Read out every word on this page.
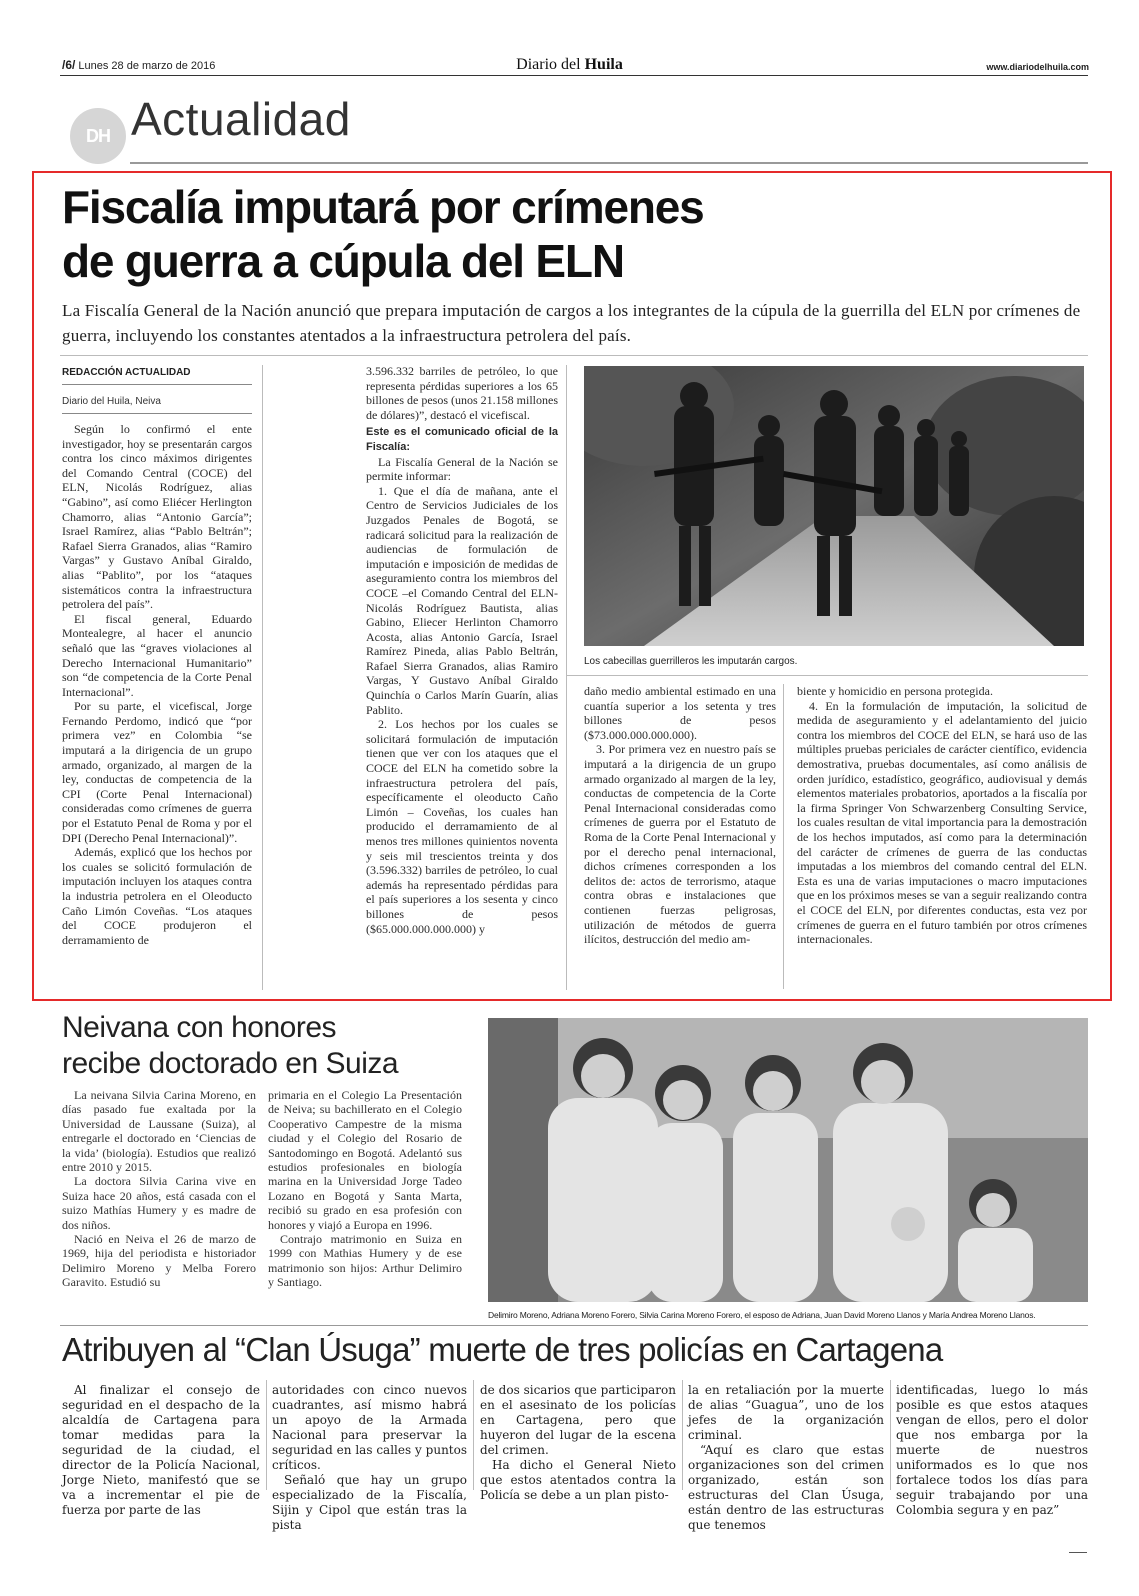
/6/ Lunes 28 de marzo de 2016	Diario del Huila	www.diariodelhuila.com
DH Actualidad
Fiscalía imputará por crímenes
de guerra a cúpula del ELN
La Fiscalía General de la Nación anunció que prepara imputación de cargos a los integrantes de la cúpula de la guerrilla del ELN por crímenes de guerra, incluyendo los constantes atentados a la infraestructura petrolera del país.
REDACCIÓN ACTUALIDAD
Diario del Huila, Neiva

Según lo confirmó el ente investigador, hoy se presentarán cargos contra los cinco máximos dirigentes del Comando Central (COCE) del ELN, Nicolás Rodríguez, alias “Gabino”, así como Eliécer Herlington Chamorro, alias “Antonio García”; Israel Ramírez, alias “Pablo Beltrán”; Rafael Sierra Granados, alias “Ramiro Vargas” y Gustavo Aníbal Giraldo, alias “Pablito”, por los “ataques sistemáticos contra la infraestructura petrolera del país”.

El fiscal general, Eduardo Montealegre, al hacer el anuncio señaló que las “graves violaciones al Derecho Internacional Humanitario” son “de competencia de la Corte Penal Internacional”.

Por su parte, el vicefiscal, Jorge Fernando Perdomo, indicó que “por primera vez” en Colombia “se imputará a la dirigencia de un grupo armado, organizado, al margen de la ley, conductas de competencia de la CPI (Corte Penal Internacional) consideradas como crímenes de guerra por el Estatuto Penal de Roma y por el DPI (Derecho Penal Internacional)”.

Además, explicó que los hechos por los cuales se solicitó formulación de imputación incluyen los ataques contra la industria petrolera en el Oleoducto Caño Limón Coveñas. “Los ataques del COCE produjeron el derramamiento de

3.596.332 barriles de petróleo, lo que representa pérdidas superiores a los 65 billones de pesos (unos 21.158 millones de dólares)”, destacó el vicefiscal.

Este es el comunicado oficial de la Fiscalía:

La Fiscalía General de la Nación se permite informar:

1. Que el día de mañana, ante el Centro de Servicios Judiciales de los Juzgados Penales de Bogotá, se radicará solicitud para la realización de audiencias de formulación de imputación e imposición de medidas de aseguramiento contra los miembros del COCE –el Comando Central del ELN-Nicolás Rodríguez Bautista, alias Gabino, Eliecer Herlinton Chamorro Acosta, alias Antonio García, Israel Ramírez Pineda, alias Pablo Beltrán, Rafael Sierra Granados, alias Ramiro Vargas, Y Gustavo Aníbal Giraldo Quinchía o Carlos Marín Guarín, alias Pablito.

2. Los hechos por los cuales se solicitará formulación de imputación tienen que ver con los ataques que el COCE del ELN ha cometido sobre la infraestructura petrolera del país, específicamente el oleoducto Caño Limón – Coveñas, los cuales han producido el derramamiento de al menos tres millones quinientos noventa y seis mil trescientos treinta y dos (3.596.332) barriles de petróleo, lo cual además ha representado pérdidas para el país superiores a los sesenta y cinco billones de pesos ($65.000.000.000.000) y

Los cabecillas guerrilleros les imputarán cargos.

daño medio ambiental estimado en una cuantía superior a los setenta y tres billones de pesos ($73.000.000.000.000).

3. Por primera vez en nuestro país se imputará a la dirigencia de un grupo armado organizado al margen de la ley, conductas de competencia de la Corte Penal Internacional consideradas como crímenes de guerra por el Estatuto de Roma de la Corte Penal Internacional y por el derecho penal internacional, dichos crímenes corresponden a los delitos de: actos de terrorismo, ataque contra obras e instalaciones que contienen fuerzas peligrosas, utilización de métodos de guerra ilícitos, destrucción del medio am-

biente y homicidio en persona protegida.

4. En la formulación de imputación, la solicitud de medida de aseguramiento y el adelantamiento del juicio contra los miembros del COCE del ELN, se hará uso de las múltiples pruebas periciales de carácter científico, evidencia demostrativa, pruebas documentales, así como análisis de orden jurídico, estadístico, geográfico, audiovisual y demás elementos materiales probatorios, aportados a la fiscalía por la firma Springer Von Schwarzenberg Consulting Service, los cuales resultan de vital importancia para la demostración de los hechos imputados, así como para la determinación del carácter de crímenes de guerra de las conductas imputadas a los miembros del comando central del ELN. Esta es una de varias imputaciones o macro imputaciones que en los próximos meses se van a seguir realizando contra el COCE del ELN, por diferentes conductas, esta vez por crímenes de guerra en el futuro también por otros crímenes internacionales.

Neivana con honores
recibe doctorado en Suiza

La neivana Silvia Carina Moreno, en días pasado fue exaltada por la Universidad de Laussane (Suiza), al entregarle el doctorado en ‘Ciencias de la vida’ (biología). Estudios que realizó entre 2010 y 2015.

La doctora Silvia Carina vive en Suiza hace 20 años, está casada con el suizo Mathías Humery y es madre de dos niños.

Nació en Neiva el 26 de marzo de 1969, hija del periodista e historiador Delimiro Moreno y Melba Forero Garavito. Estudió su

primaria en el Colegio La Presentación de Neiva; su bachillerato en el Colegio Cooperativo Campestre de la misma ciudad y el Colegio del Rosario de Santodomingo en Bogotá. Adelantó sus estudios profesionales en biología marina en la Universidad Jorge Tadeo Lozano en Bogotá y Santa Marta, recibió su grado en esa profesión con honores y viajó a Europa en 1996.

Contrajo matrimonio en Suiza en 1999 con Mathias Humery y de ese matrimonio son hijos: Arthur Delimiro y Santiago.

Delimiro Moreno, Adriana Moreno Forero, Silvia Carina Moreno Forero, el esposo de Adriana, Juan David Moreno Llanos y María Andrea Moreno Llanos.
Atribuyen al “Clan Úsuga” muerte de tres policías en Cartagena

Al finalizar el consejo de seguridad en el despacho de la alcaldía de Cartagena para tomar medidas para la seguridad de la ciudad, el director de la Policía Nacional, Jorge Nieto, manifestó que se va a incrementar el pie de fuerza por parte de las

autoridades con cinco nuevos cuadrantes, así mismo habrá un apoyo de la Armada Nacional para preservar la seguridad en las calles y puntos críticos.

Señaló que hay un grupo especializado de la Fiscalía, Sijin y Cipol que están tras la pista

de dos sicarios que participaron en el asesinato de los policías en Cartagena, pero que huyeron del lugar de la escena del crimen.

Ha dicho el General Nieto que estos atentados contra la Policía se debe a un plan pisto-

la en retaliación por la muerte de alias “Guagua”, uno de los jefes de la organización criminal.

“Aquí es claro que estas organizaciones son del crimen organizado, están son estructuras del Clan Úsuga, están dentro de las estructuras que tenemos

identificadas, luego lo más posible es que estos ataques vengan de ellos, pero el dolor que nos embarga por la muerte de nuestros uniformados es lo que nos fortalece todos los días para seguir trabajando por una Colombia segura y en paz”
